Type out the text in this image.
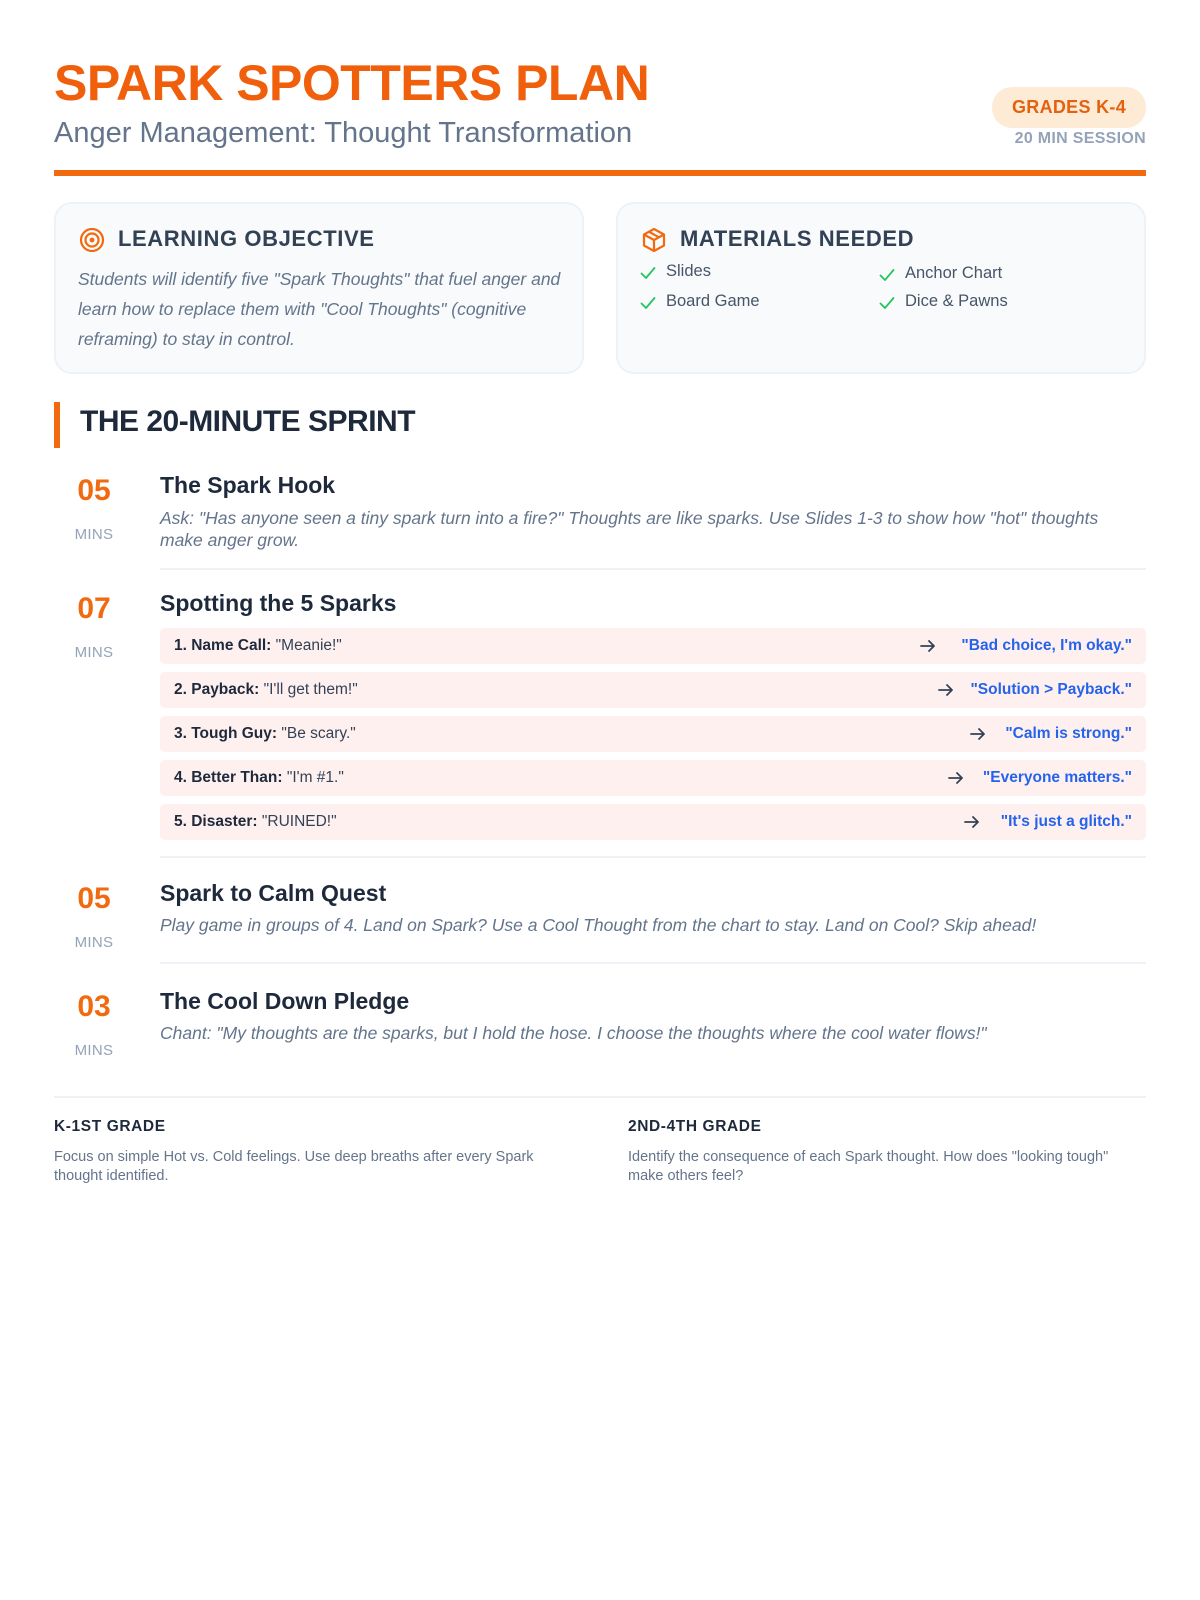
SPARK SPOTTERS PLAN
Anger Management: Thought Transformation
GRADES K-4
20 MIN SESSION
LEARNING OBJECTIVE
Students will identify five "Spark Thoughts" that fuel anger and learn how to replace them with "Cool Thoughts" (cognitive reframing) to stay in control.
MATERIALS NEEDED
Slides	Anchor Chart
Board Game	Dice & Pawns
THE 20-MINUTE SPRINT
05
MINS
The Spark Hook
Ask: "Has anyone seen a tiny spark turn into a fire?" Thoughts are like sparks. Use Slides 1-3 to show how "hot" thoughts make anger grow.
07
MINS
Spotting the 5 Sparks
1. Name Call: "Meanie!"	"Bad choice, I'm okay."
2. Payback: "I'll get them!"	"Solution > Payback."
3. Tough Guy: "Be scary."	"Calm is strong."
4. Better Than: "I'm #1."	"Everyone matters."
5. Disaster: "RUINED!"	"It's just a glitch."
05
MINS
Spark to Calm Quest
Play game in groups of 4. Land on Spark? Use a Cool Thought from the chart to stay. Land on Cool? Skip ahead!
03
MINS
The Cool Down Pledge
Chant: "My thoughts are the sparks, but I hold the hose. I choose the thoughts where the cool water flows!"
K-1ST GRADE
Focus on simple Hot vs. Cold feelings. Use deep breaths after every Spark thought identified.
2ND-4TH GRADE
Identify the consequence of each Spark thought. How does "looking tough" make others feel?
